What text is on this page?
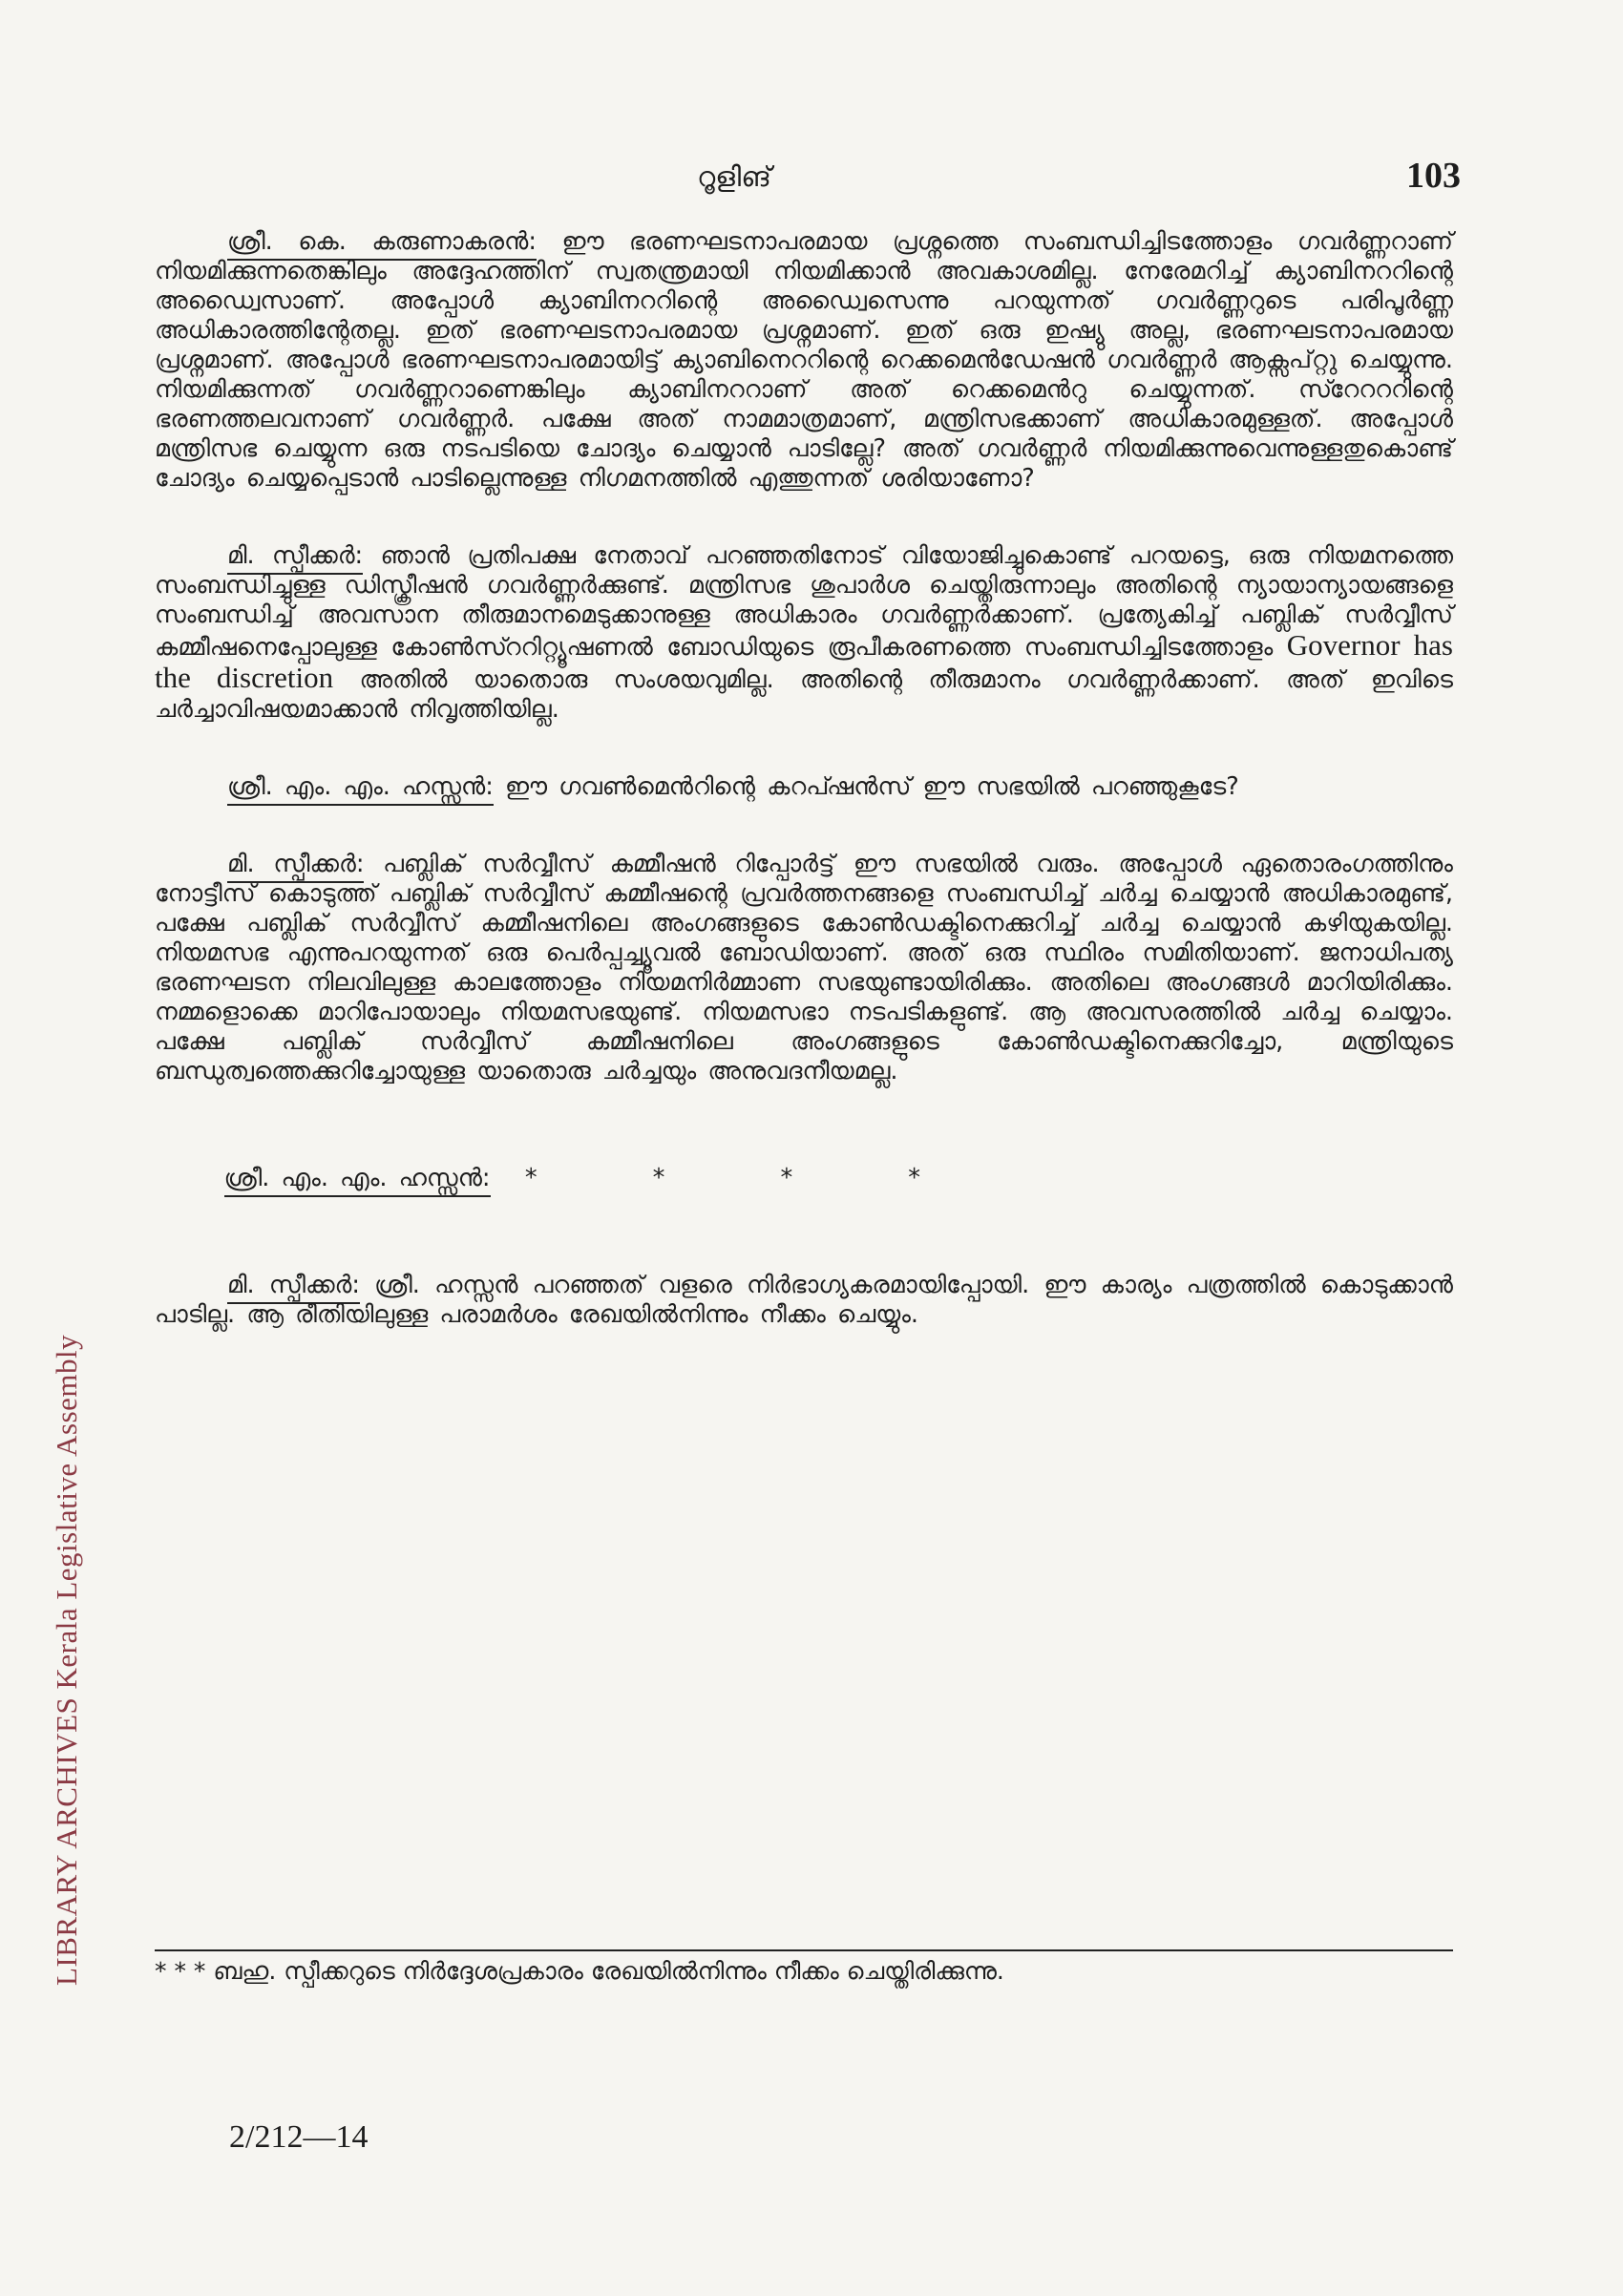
LIBRARY ARCHIVES Kerala Legislative Assembly
റൂളിങ്	103

ശ്രീ. കെ. കരുണാകരൻ: ഈ ഭരണഘടനാപരമായ പ്രശ്നത്തെ സംബന്ധിച്ചിടത്തോളം ഗവർണ്ണറാണ് നിയമിക്കുന്നതെങ്കിലും അദ്ദേഹത്തിന് സ്വതന്ത്രമായി നിയമിക്കാൻ അവകാശമില്ല. നേരേമറിച്ച് ക്യാബിനററിന്റെ അഡ്വൈസാണ്. അപ്പോൾ ക്യാബിനററിന്റെ അഡ്വൈസെന്നു പറയുന്നത് ഗവർണ്ണറുടെ പരിപൂർണ്ണ അധികാരത്തിന്റേതല്ല. ഇത് ഭരണഘടനാപരമായ പ്രശ്നമാണ്. ഇത് ഒരു ഇഷ്യു അല്ല, ഭരണഘടനാപരമായ പ്രശ്നമാണ്. അപ്പോൾ ഭരണഘടനാപരമായിട്ട് ക്യാബിനെററിന്റെ റെക്കമെൻഡേഷൻ ഗവർണ്ണർ ആക്സപ്റ്റു ചെയ്യുന്നു. നിയമിക്കുന്നത് ഗവർണ്ണറാണെങ്കിലും ക്യാബിനററാണ് അത് റെക്കമെൻറു ചെയ്യുന്നത്. സ്റേറററിന്റെ ഭരണത്തലവനാണ് ഗവർണ്ണർ. പക്ഷേ അത് നാമമാത്രമാണ്, മന്ത്രിസഭക്കാണ് അധികാരമുള്ളത്. അപ്പോൾ മന്ത്രിസഭ ചെയ്യുന്ന ഒരു നടപടിയെ ചോദ്യം ചെയ്യാൻ പാടില്ലേ? അത് ഗവർണ്ണർ നിയമിക്കുന്നുവെന്നുള്ളതുകൊണ്ട് ചോദ്യം ചെയ്യപ്പെടാൻ പാടില്ലെന്നുള്ള നിഗമനത്തിൽ എത്തുന്നത് ശരിയാണോ?

മി. സ്പീക്കർ: ഞാൻ പ്രതിപക്ഷ നേതാവ് പറഞ്ഞതിനോട് വിയോജിച്ചുകൊണ്ട് പറയട്ടെ, ഒരു നിയമനത്തെ സംബന്ധിച്ചുള്ള ഡിസ്ക്രീഷൻ ഗവർണ്ണർക്കുണ്ട്. മന്ത്രിസഭ ശുപാർശ ചെയ്തിരുന്നാലും അതിന്റെ ന്യായാന്യായങ്ങളെ സംബന്ധിച്ച് അവസാന തീരുമാനമെടുക്കാനുള്ള അധികാരം ഗവർണ്ണർക്കാണ്. പ്രത്യേകിച്ച് പബ്ലിക് സർവ്വീസ് കമ്മീഷനെപ്പോലുള്ള കോൺസ്ററിറ്റ്യൂഷണൽ ബോഡിയുടെ രൂപീകരണത്തെ സംബന്ധിച്ചിടത്തോളം Governor has the discretion അതിൽ യാതൊരു സംശയവുമില്ല. അതിന്റെ തീരുമാനം ഗവർണ്ണർക്കാണ്. അത് ഇവിടെ ചർച്ചാവിഷയമാക്കാൻ നിവൃത്തിയില്ല.

ശ്രീ. എം. എം. ഹസ്സൻ: ഈ ഗവൺമെൻറിന്റെ കറപ്ഷൻസ് ഈ സഭയിൽ പറഞ്ഞുകൂടേ?

മി. സ്പീക്കർ: പബ്ലിക് സർവ്വീസ് കമ്മീഷൻ റിപ്പോർട്ട് ഈ സഭയിൽ വരും. അപ്പോൾ ഏതൊരംഗത്തിനും നോട്ടീസ് കൊടുത്ത് പബ്ലിക് സർവ്വീസ് കമ്മീഷന്റെ പ്രവർത്തനങ്ങളെ സംബന്ധിച്ച് ചർച്ച ചെയ്യാൻ അധികാരമുണ്ട്, പക്ഷേ പബ്ലിക് സർവ്വീസ് കമ്മീഷനിലെ അംഗങ്ങളുടെ കോൺഡക്ടിനെക്കുറിച്ച് ചർച്ച ചെയ്യാൻ കഴിയുകയില്ല. നിയമസഭ എന്നുപറയുന്നത് ഒരു പെർപ്പച്ച്യൂവൽ ബോഡിയാണ്. അത് ഒരു സ്ഥിരം സമിതിയാണ്. ജനാധിപത്യ ഭരണഘടന നിലവിലുള്ള കാലത്തോളം നിയമനിർമ്മാണ സഭയുണ്ടായിരിക്കും. അതിലെ അംഗങ്ങൾ മാറിയിരിക്കും. നമ്മളൊക്കെ മാറിപോയാലും നിയമസഭയുണ്ട്. നിയമസഭാ നടപടികളുണ്ട്. ആ അവസരത്തിൽ ചർച്ച ചെയ്യാം. പക്ഷേ പബ്ലിക് സർവ്വീസ് കമ്മീഷനിലെ അംഗങ്ങളുടെ കോൺഡക്ടിനെക്കുറിച്ചോ, മന്ത്രിയുടെ ബന്ധുത്വത്തെക്കുറിച്ചോയുള്ള യാതൊരു ചർച്ചയും അനുവദനീയമല്ല.

ശ്രീ. എം. എം. ഹസ്സൻ: *          *          *          *

മി. സ്പീക്കർ: ശ്രീ. ഹസ്സൻ പറഞ്ഞത് വളരെ നിർഭാഗ്യകരമായിപ്പോയി. ഈ കാര്യം പത്രത്തിൽ കൊടുക്കാൻ പാടില്ല. ആ രീതിയിലുള്ള പരാമർശം രേഖയിൽനിന്നും നീക്കം ചെയ്യും.

* * * ബഹു. സ്പീക്കറുടെ നിർദ്ദേശപ്രകാരം രേഖയിൽനിന്നും നീക്കം ചെയ്തിരിക്കുന്നു.
2/212—14
